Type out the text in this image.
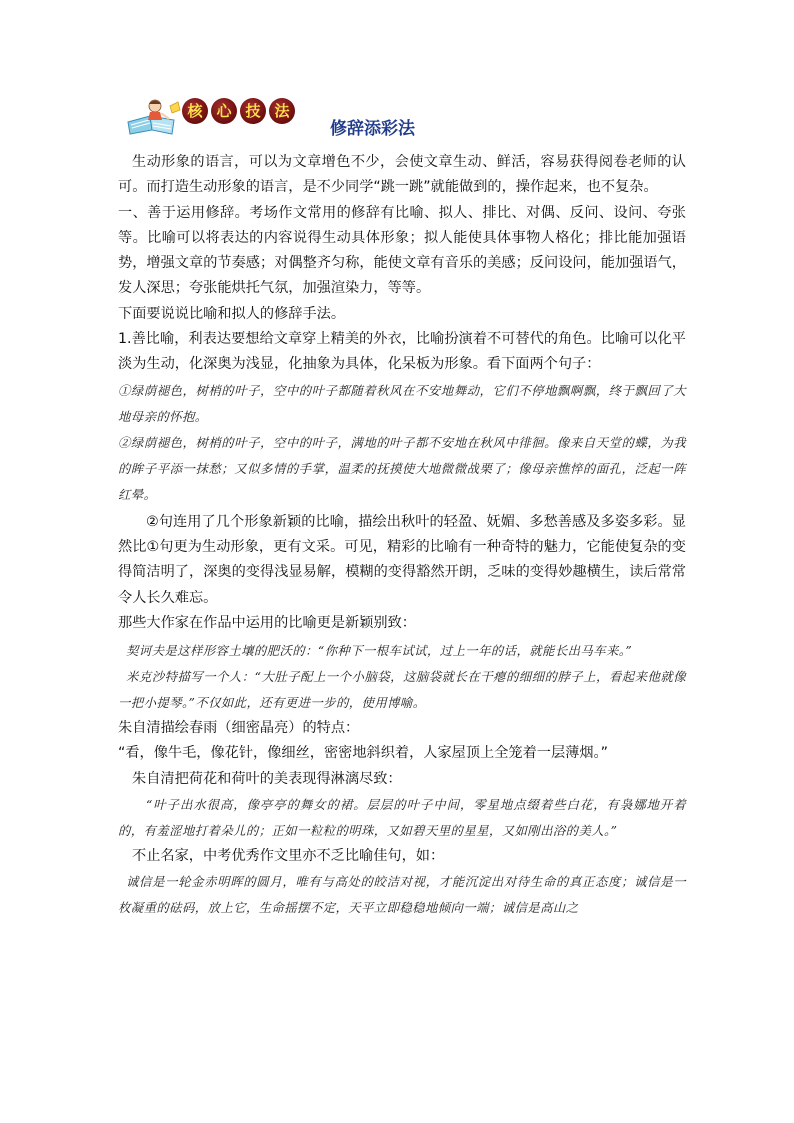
核 心 技 法
修辞添彩法

生动形象的语言，可以为文章增色不少，会使文章生动、鲜活，容易获得阅卷老师的认可。而打造生动形象的语言，是不少同学“跳一跳”就能做到的，操作起来，也不复杂。

一、善于运用修辞。考场作文常用的修辞有比喻、拟人、排比、对偶、反问、设问、夸张等。比喻可以将表达的内容说得生动具体形象；拟人能使具体事物人格化；排比能加强语势，增强文章的节奏感；对偶整齐匀称，能使文章有音乐的美感；反问设问，能加强语气，发人深思；夸张能烘托气氛，加强渲染力，等等。

下面要说说比喻和拟人的修辞手法。

1.善比喻，利表达要想给文章穿上精美的外衣，比喻扮演着不可替代的角色。比喻可以化平淡为生动，化深奥为浅显，化抽象为具体，化呆板为形象。看下面两个句子：

①绿荫褪色，树梢的叶子，空中的叶子都随着秋风在不安地舞动，它们不停地飘啊飘，终于飘回了大地母亲的怀抱。

②绿荫褪色，树梢的叶子，空中的叶子，满地的叶子都不安地在秋风中徘徊。像来自天堂的蝶，为我的眸子平添一抹愁；又似多情的手掌，温柔的抚摸使大地微微战栗了；像母亲憔悴的面孔，泛起一阵红晕。

②句连用了几个形象新颖的比喻，描绘出秋叶的轻盈、妩媚、多愁善感及多姿多彩。显然比①句更为生动形象，更有文采。可见，精彩的比喻有一种奇特的魅力，它能使复杂的变得简洁明了，深奥的变得浅显易解，模糊的变得豁然开朗，乏味的变得妙趣横生，读后常常令人长久难忘。

那些大作家在作品中运用的比喻更是新颖别致：

契诃夫是这样形容土壤的肥沃的：“你种下一根车试试，过上一年的话，就能长出马车来。”

米克沙特描写一个人：“大肚子配上一个小脑袋，这脑袋就长在干瘪的细细的脖子上，看起来他就像一把小提琴。”不仅如此，还有更进一步的，使用博喻。

朱自清描绘春雨（细密晶亮）的特点：

“看，像牛毛，像花针，像细丝，密密地斜织着，人家屋顶上全笼着一层薄烟。”

朱自清把荷花和荷叶的美表现得淋漓尽致：

“叶子出水很高，像亭亭的舞女的裙。层层的叶子中间，零星地点缀着些白花，有袅娜地开着的，有羞涩地打着朵儿的；正如一粒粒的明珠，又如碧天里的星星，又如刚出浴的美人。”

不止名家，中考优秀作文里亦不乏比喻佳句，如：

诚信是一轮金赤明晖的圆月，唯有与高处的皎洁对视，才能沉淀出对待生命的真正态度；诚信是一枚凝重的砝码，放上它，生命摇摆不定，天平立即稳稳地倾向一端；诚信是高山之
